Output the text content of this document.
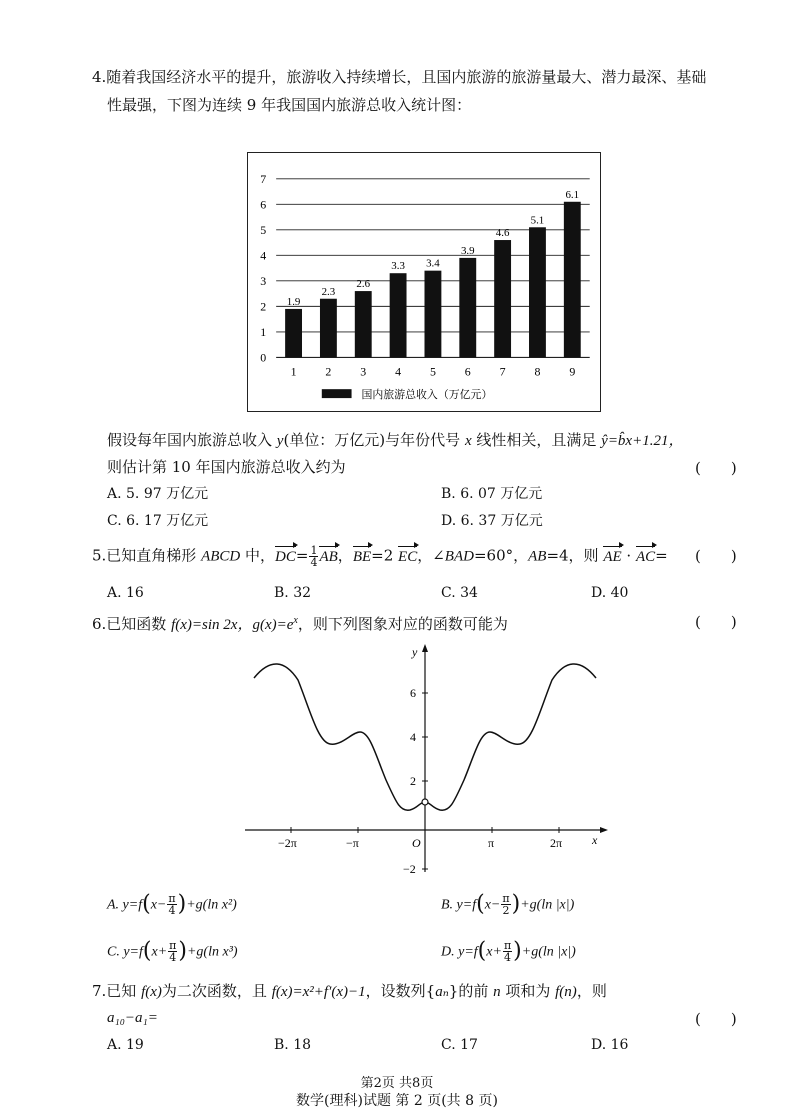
4.随着我国经济水平的提升，旅游收入持续增长，且国内旅游的旅游量最大、潜力最深、基础
性最强，下图为连续 9 年我国国内旅游总收入统计图：
0
1
2
3
4
5
6
7
1.9
1
2.3
2
2.6
3
3.3
4
3.4
5
3.9
6
4.6
7
5.1
8
6.1
9
国内旅游总收入（万亿元）
假设每年国内旅游总收入 y(单位：万亿元)与年份代号 x 线性相关，且满足 ŷ=b̂x+1.21，
则估计第 10 年国内旅游总收入约为	(　　)
A. 5. 97 万亿元	B. 6. 07 万亿元
C. 6. 17 万亿元	D. 6. 37 万亿元
5.已知直角梯形 ABCD 中，$DC= \frac{1}{4}$ AB，BE=2 EC，∠BAD=60°，AB=4，则 AE · AC= (　　)
A. 16	B. 32	C. 34	D. 40
6.已知函数 f(x)=sin 2x，$g(x)=e^x$，则下列图象对应的函数可能为	(　　)
x
y
O
−2π	−π	π	2π
6
4
2
−2
A. $y=f(x- \frac{\pi}{4} )+g(\ln$ x²)	B. $y=f(x- \frac{\pi}{2} )+g(\ln$ |x|)
C. $y=f(x+ \frac{\pi}{4} )+g(\ln$ x³)	D. $y=f(x+ \frac{\pi}{4} )+g(\ln$ |x|)
7.已知 f(x)为二次函数，且 f(x)=x²+f′(x)−1，设数列{aₙ}的前 n 项和为 f(n)，则
a₁₀−a₁=	(　　)
A. 19	B. 18	C. 17	D. 16
第2页 共8页
数学(理科)试题 第 2 页(共 8 页)
